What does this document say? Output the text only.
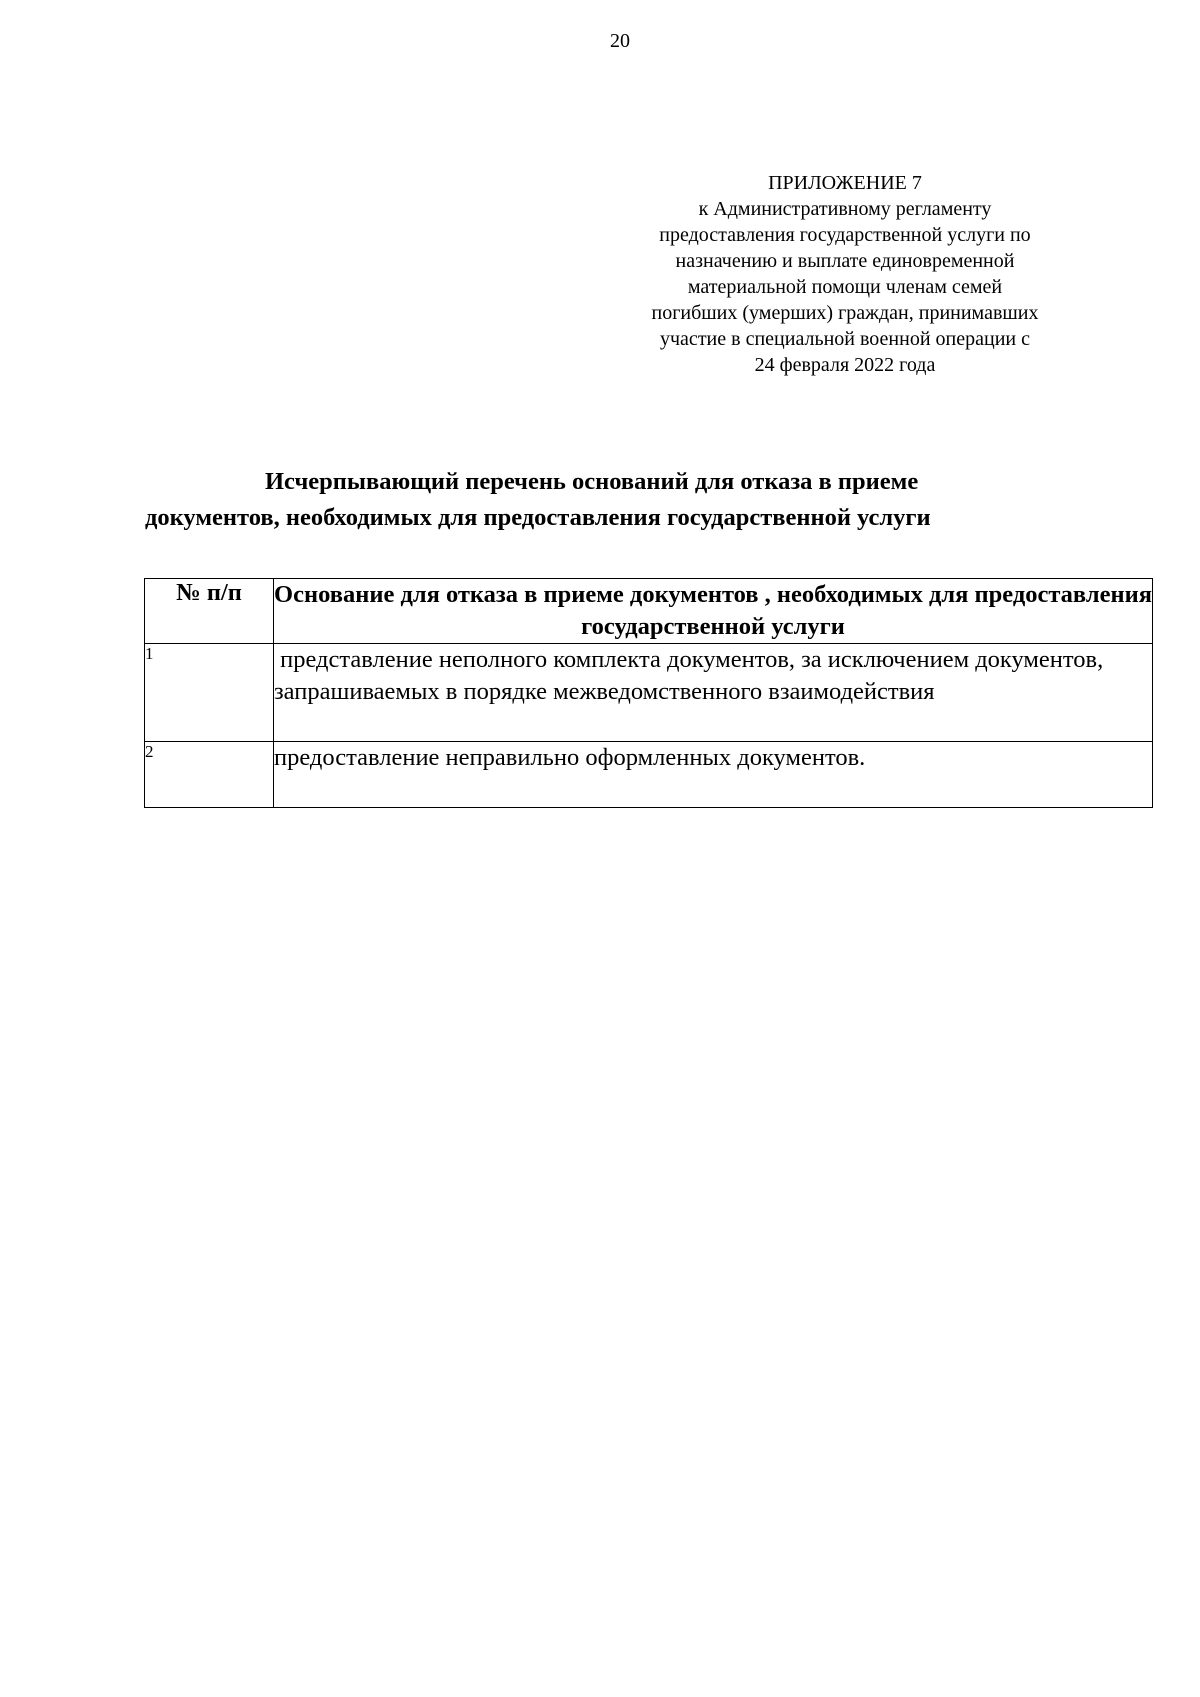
20
ПРИЛОЖЕНИЕ 7
к Административному регламенту
предоставления государственной услуги по
назначению и выплате единовременной
материальной помощи членам семей
погибших (умерших) граждан, принимавших
участие в специальной военной операции с
24 февраля 2022 года
Исчерпывающий перечень оснований для отказа в приеме
документов, необходимых для предоставления государственной услуги
№ п/п	Основание для отказа в приеме документов , необходимых для предоставления государственной услуги
1	представление неполного комплекта документов, за исключением документов, запрашиваемых в порядке межведомственного взаимодействия
2	предоставление неправильно оформленных документов.
